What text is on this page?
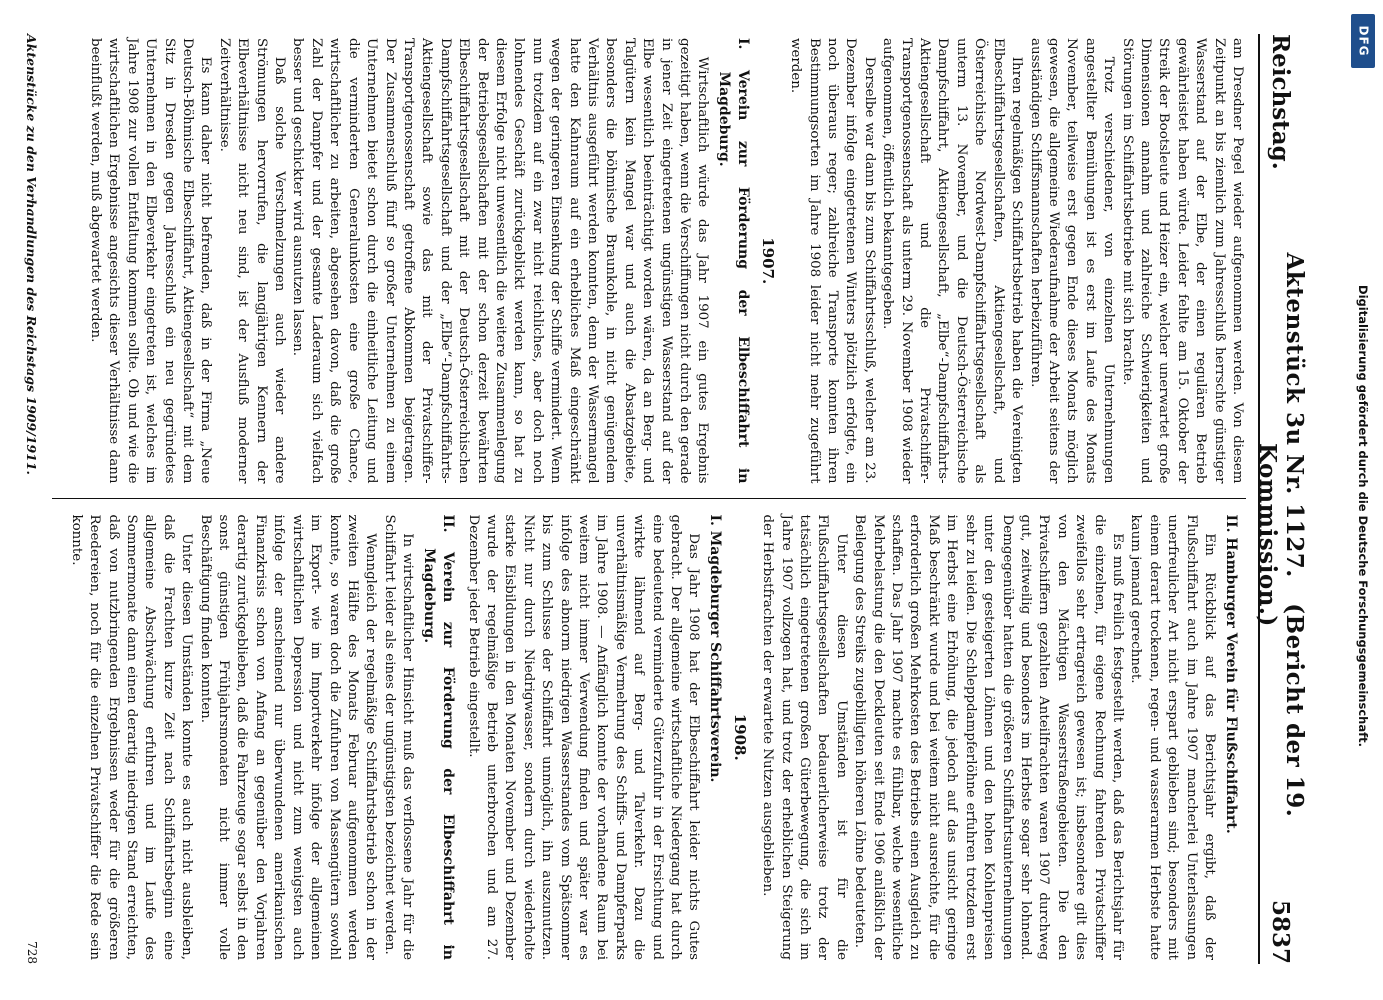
Reichstag.
Aktenstück 3u Nr. 1127.   (Bericht der 19. Kommission.)
5837

am Dresdner Pegel wieder aufgenommen werden. Von diesem Zeitpunkt an bis ziemlich zum Jahresschluß herrschte günstiger Wasserstand auf der Elbe, der einen regulären Betrieb gewährleistet haben würde. Leider fehlte am 15. Oktober der Streik der Bootsleute und Heizer ein, welcher unerwartet große Dimensionen annahm und zahlreiche Schwierigkeiten und Störungen im Schiffahrtsbetriebe mit sich brachte.

Trotz verschiedener, von einzelnen Unternehmungen angestellter Bemühungen ist es erst im Laufe des Monats November, teilweise erst gegen Ende dieses Monats möglich gewesen, die allgemeine Wiederaufnahme der Arbeit seitens der ausständigen Schiffsmannschaften herbeizuführen.

Ihren regelmäßigen Schiffahrtsbetrieb haben die Vereinigten Elbeschiffahrtsgesellschaften, Aktiengesellschaft, und Österreichische Nordwest-Dampfschiffahrtsgesellschaft als unterm 13. November, und die Deutsch-Österreichische Dampfschiffahrt, Aktiengesellschaft, „Elbe“-Dampfschiffahrts-Aktiengesellschaft und die Privatschiffer-Transportgenossenschaft als unterm 29. November 1908 wieder aufgenommen, öffentlich bekanntgegeben.

Derselbe war dann bis zum Schiffahrtsschluß, welcher am 23. Dezember infolge eingetretenen Winters plötzlich erfolgte, ein noch überaus reger; zahlreiche Transporte konnten ihren Bestimmungsorten im Jahre 1908 leider nicht mehr zugeführt werden.

1907.
I. Verein zur Förderung der Elbeschiffahrt in Magdeburg.

Wirtschaftlich würde das Jahr 1907 ein gutes Ergebnis gezeitigt haben, wenn die Verschiffungen nicht durch den gerade in jener Zeit eingetretenen ungünstigen Wasserstand auf der Elbe wesentlich beeinträchtigt worden wären, da an Berg- und Talgütern kein Mangel war und auch die Absatzgebiete, besonders die böhmische Braunkohle, in nicht genügendem Verhältnis ausgeführt werden konnten, denn der Wassermangel hatte den Kahnraum auf ein erhebliches Maß eingeschränkt wegen der geringeren Einsenkung der Schiffe vermindert. Wenn nun trotzdem auf ein zwar nicht reichliches, aber doch noch lohnendes Geschäft zurückgeblickt werden kann, so hat zu diesem Erfolge nicht unwesentlich die weitere Zusammenlegung der Betriebsgesellschaften mit der schon derzeit bewährten Elbeschiffahrtsgesellschaft mit der Deutsch-Österreichischen Dampfschiffahrtsgesellschaft und der „Elbe“-Dampfschiffahrts-Aktiengesellschaft sowie das mit der Privatschiffer-Transportgenossenschaft getroffene Abkommen beigetragen. Der Zusammenschluß fünf so großer Unternehmen zu einem Unternehmen bietet schon durch die einheitliche Leitung und die verminderten Generalunkosten eine große Chance, wirtschaftlicher zu arbeiten, abgesehen davon, daß die große Zahl der Dampfer und der gesamte Laderaum sich vielfach besser und geschickter wird ausnutzen lassen.

Daß solche Verschmelzungen auch wieder andere Strömungen hervorrufen, die langjährigen Kennern der Elbeverhältnisse nicht neu sind, ist der Ausfluß moderner Zeitverhältnisse.

Es kann daher nicht befremden, daß in der Firma „Neue Deutsch-Böhmische Elbeschiffahrt, Aktiengesellschaft“ mit dem Sitz in Dresden gegen Jahresschluß ein neu gegründetes Unternehmen in den Elbeverkehr eingetreten ist, welches im Jahre 1908 zur vollen Entfaltung kommen sollte. Ob und wie die wirtschaftlichen Ergebnisse angesichts dieser Verhältnisse dann beeinflußt werden, muß abgewartet werden.

II. Hamburger Verein für Flußschiffahrt.

Ein Rückblick auf das Berichtsjahr ergibt, daß der Flußschiffahrt auch im Jahre 1907 mancherlei Unterlassungen unerfreulicher Art nicht erspart geblieben sind; besonders mit einem derart trockenen, regen- und wasserarmen Herbste hatte kaum jemand gerechnet.

Es muß freilich festgestellt werden, daß das Berichtsjahr für die einzelnen, für eigene Rechnung fahrenden Privatschiffer zweifellos sehr ertragreich gewesen ist; insbesondere gilt dies von den Mächtigen Wasserstraßengebieten. Die den Privatschiffern gezahlten Anteilfrachten waren 1907 durchweg gut, zeitweilig und besonders im Herbste sogar sehr lohnend. Demgegenüber hatten die größeren Schiffahrtsunternehmungen unter den gesteigerten Löhnen und den hohen Kohlenpreisen sehr zu leiden. Die Schleppdampferlöhne erfuhren trotzdem erst im Herbst eine Erhöhung, die jedoch auf das unsicht geringe Maß beschränkt wurde und bei weitem nicht ausreichte, für die erforderlich großen Mehrkosten des Betriebs einen Ausgleich zu schaffen. Das Jahr 1907 machte es fühlbar, welche wesentliche Mehrbelastung die den Deckleuten seit Ende 1906 anläßlich der Beilegung des Streiks zugebilligten höheren Löhne bedeuteten.

Unter diesen Umständen ist für die Flußschiffahrtsgesellschaften bedauerlicherweise trotz der tatsächlich eingetretenen großen Güterbewegung, die sich im Jahre 1907 vollzogen hat, und trotz der erheblichen Steigerung der Herbstfrachten der erwartete Nutzen ausgeblieben.

1908.
I. Magdeburger Schiffahrtsverein.

Das Jahr 1908 hat der Elbeschiffahrt leider nichts Gutes gebracht. Der allgemeine wirtschaftliche Niedergang hat durch eine bedeutend verminderte Güterzufuhr in der Ersichtung und wirkte lähmend auf Berg- und Talverkehr. Dazu die unverhältnismäßige Vermehrung des Schiffs- und Dampferparks im Jahre 1908. — Anfänglich konnte der vorhandene Raum bei weitem nicht immer Verwendung finden und später war es infolge des abnorm niedrigen Wasserstandes vom Spätsommer bis zum Schlusse der Schiffahrt unmöglich, ihn auszunutzen. Nicht nur durch Niedrigwasser, sondern durch wiederholte starke Eisbildungen in den Monaten November und Dezember wurde der regelmäßige Betrieb unterbrochen und am 27. Dezember jeder Betrieb eingestellt.

II. Verein zur Förderung der Elbeschiffahrt in Magdeburg.

In wirtschaftlicher Hinsicht muß das verflossene Jahr für die Schiffahrt leider als eines der ungünstigsten bezeichnet werden.

Wenngleich der regelmäßige Schiffahrtsbetrieb schon in der zweiten Hälfte des Monats Februar aufgenommen werden konnte, so waren doch die Zufuhren von Massengütern sowohl im Export- wie im Importverkehr infolge der allgemeinen wirtschaftlichen Depression und nicht zum wenigsten auch infolge der anscheinend nur überwundenen amerikanischen Finanzkrisis schon von Anfang an gegenüber den Vorjahren derartig zurückgeblieben, daß die Fahrzeuge sogar selbst in den sonst günstigen Frühjahrsmonaten nicht immer volle Beschäftigung finden konnten.

Unter diesen Umständen konnte es auch nicht ausbleiben, daß die Frachten kurze Zeit nach Schiffahrtsbeginn eine allgemeine Abschwächung erfuhren und im Laufe des Sommermonate dann einen derartig niedrigen Stand erreichten, daß von nutzbringenden Ergebnissen weder für die größeren Reedereien, noch für die einzelnen Privatschiffer die Rede sein konnte.

Aktenstücke zu den Verhandlungen des Reichstags 1909/1911.
728
DFG
Digitalisierung gefördert durch die Deutsche Forschungsgemeinschaft.
